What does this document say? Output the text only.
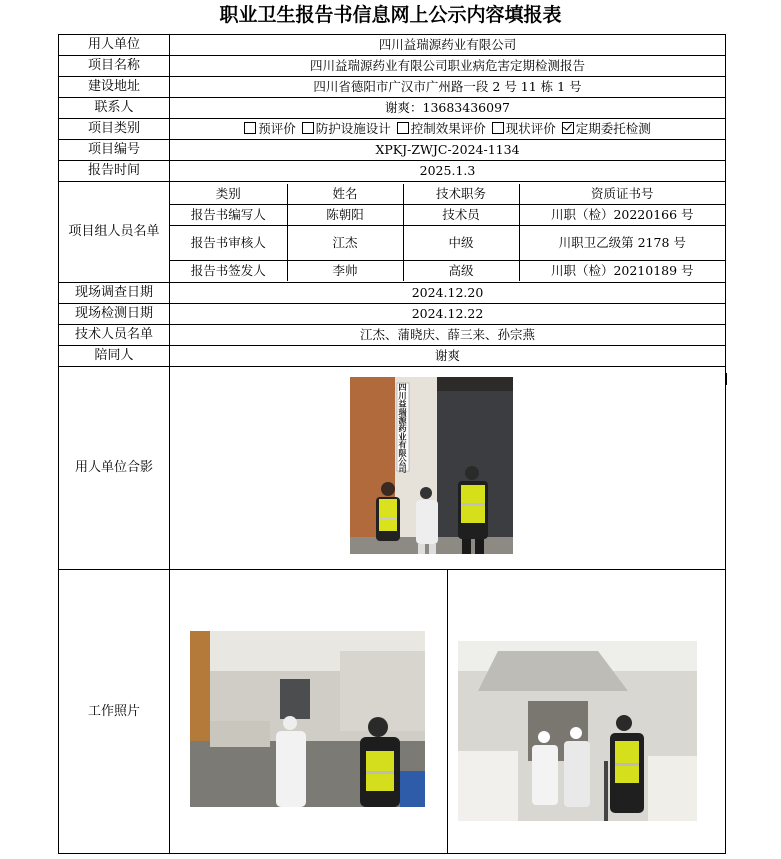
职业卫生报告书信息网上公示内容填报表
用人单位	四川益瑞源药业有限公司
项目名称	四川益瑞源药业有限公司职业病危害定期检测报告
建设地址	四川省德阳市广汉市广州路一段 2 号 11 栋 1 号
联系人	谢爽：13683436097
项目类别	预评价 防护设施设计 控制效果评价 现状评价 定期委托检测
项目编号	XPKJ-ZWJC-2024-1134
报告时间	2025.1.3
项目组人员名单	
类别	姓名	技术职务	资质证书号
报告书编写人	陈朝阳	技术员	川职（检）20220166 号
报告书审核人	江杰	中级	川职卫乙级第 2178 号
报告书签发人	李帅	高级	川职（检）20210189 号

现场调查日期	2024.12.20
现场检测日期	2024.12.22
技术人员名单	江杰、蒲晓庆、薛三来、孙宗燕
陪同人	谢爽
用人单位合影	
工作照片	
四川益瑞源药业有限公司
